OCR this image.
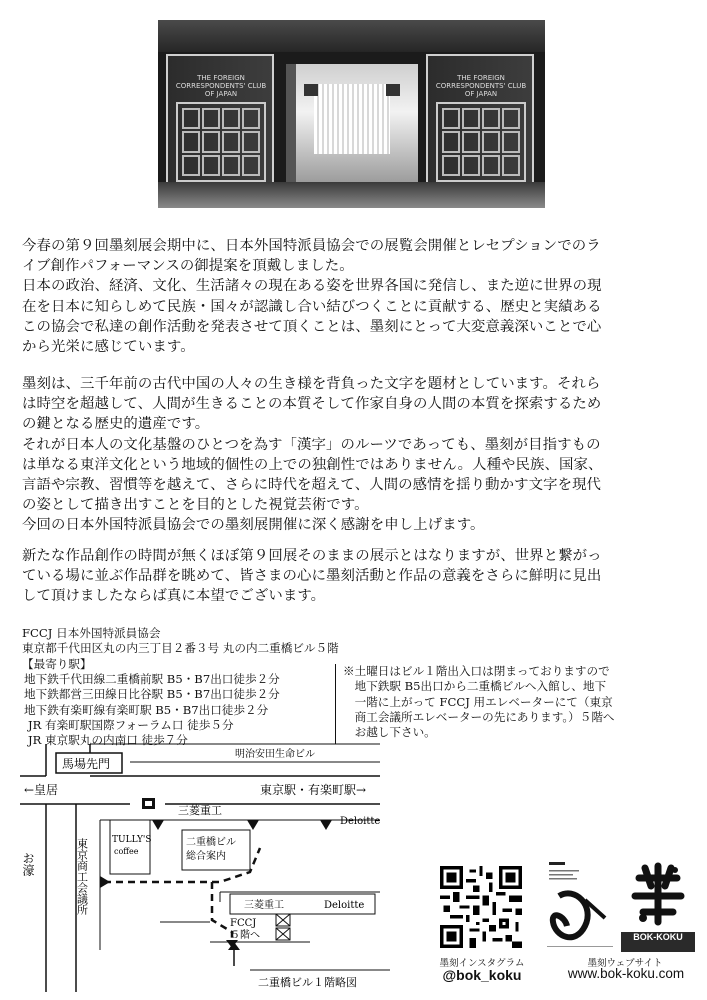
THE FOREIGN
CORRESPONDENTS' CLUB
OF JAPAN
THE FOREIGN
CORRESPONDENTS' CLUB
OF JAPAN

今春の第９回墨刻展会期中に、日本外国特派員協会での展覧会開催とレセプションでのラ

イブ創作パフォーマンスの御提案を頂戴しました。

日本の政治、経済、文化、生活諸々の現在ある姿を世界各国に発信し、また逆に世界の現

在を日本に知らしめて民族・国々が認識し合い結びつくことに貢献する、歴史と実績ある

この協会で私達の創作活動を発表させて頂くことは、墨刻にとって大変意義深いことで心

から光栄に感じています。

墨刻は、三千年前の古代中国の人々の生き様を背負った文字を題材としています。それら

は時空を超越して、人間が生きることの本質そして作家自身の人間の本質を探索するため

の鍵となる歴史的遺産です。

それが日本人の文化基盤のひとつを為す「漢字」のルーツであっても、墨刻が目指すもの

は単なる東洋文化という地域的個性の上での独創性ではありません。人種や民族、国家、

言語や宗教、習慣等を越えて、さらに時代を超えて、人間の感情を揺り動かす文字を現代

の姿として描き出すことを目的とした視覚芸術です。

今回の日本外国特派員協会での墨刻展開催に深く感謝を申し上げます。

新たな作品創作の時間が無くほぼ第９回展そのままの展示とはなりますが、世界と繋がっ

ている場に並ぶ作品群を眺めて、皆さまの心に墨刻活動と作品の意義をさらに鮮明に見出

して頂けましたならば真に本望でございます。

FCCJ 日本外国特派員協会
東京都千代田区丸の内三丁目２番３号 丸の内二重橋ビル５階
【最寄り駅】
地下鉄千代田線二重橋前駅 B5・B7出口徒歩２分
地下鉄都営三田線日比谷駅 B5・B7出口徒歩２分
地下鉄有楽町線有楽町駅 B5・B7出口徒歩２分
JR 有楽町駅国際フォーラム口 徒歩５分
JR 東京駅丸の内南口 徒歩７分
※土曜日はビル１階出入口は閉まっておりますので
　地下鉄駅 B5出口から二重橋ビルへ入館し、地下
　一階に上がって FCCJ 用エレベーターにて（東京
　商工会議所エレベーターの先にあります。）５階へ
　お越し下さい。
明治安田生命ビル
馬場先門
←皇居	東京駅・有楽町駅→
お濠
三菱重工
Deloitte
TULLY'S
coffee
東京商工会議所	二重橋ビル
総合案内
三菱重工	Deloitte
FCCJ
５階へ
二重橋ビル１階略図
墨刻インスタグラム
@bok_koku
BOK-KOKU
墨刻ウェブサイト
www.bok-koku.com
